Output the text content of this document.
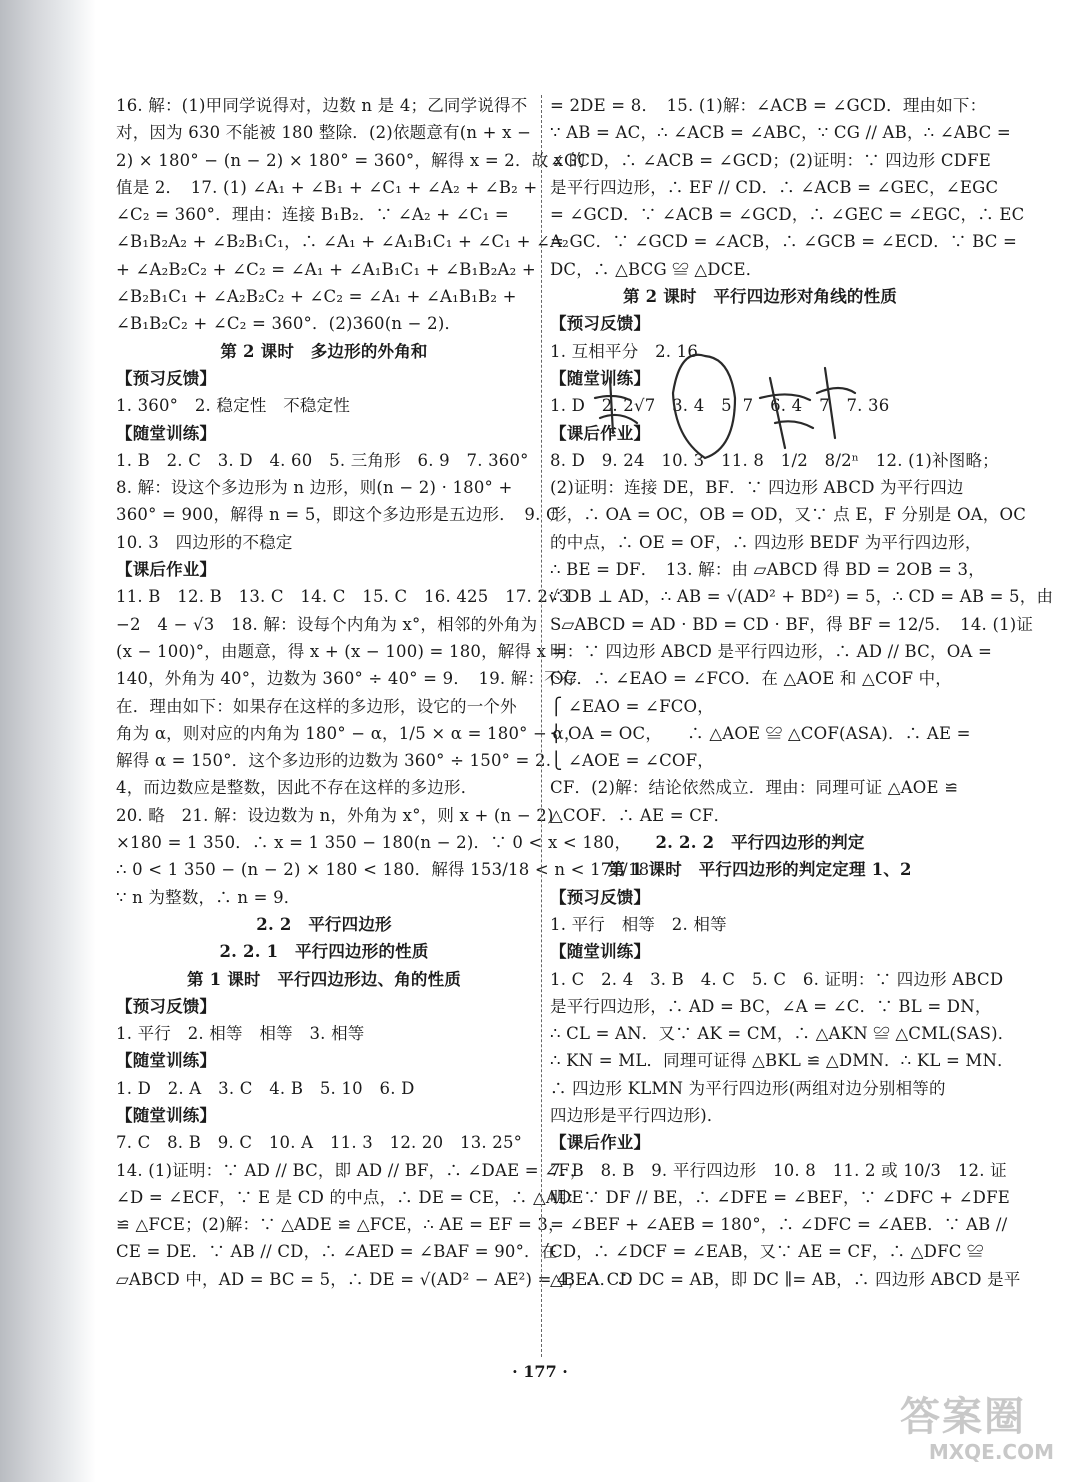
16. 解：(1)甲同学说得对，边数 n 是 4；乙同学说得不
对，因为 630 不能被 180 整除．(2)依题意有(n + x −
2) × 180° − (n − 2) × 180° = 360°，解得 x = 2．故 x 的
值是 2．　17. (1) ∠A₁ + ∠B₁ + ∠C₁ + ∠A₂ + ∠B₂ +
∠C₂ = 360°．理由：连接 B₁B₂．∵ ∠A₂ + ∠C₁ =
∠B₁B₂A₂ + ∠B₂B₁C₁，∴ ∠A₁ + ∠A₁B₁C₁ + ∠C₁ + ∠A₂
+ ∠A₂B₂C₂ + ∠C₂ = ∠A₁ + ∠A₁B₁C₁ + ∠B₁B₂A₂ +
∠B₂B₁C₁ + ∠A₂B₂C₂ + ∠C₂ = ∠A₁ + ∠A₁B₁B₂ +
∠B₁B₂C₂ + ∠C₂ = 360°．(2)360(n − 2)．
第 2 课时　多边形的外角和
【预习反馈】
1. 360°　2. 稳定性　不稳定性
【随堂训练】
1. B　2. C　3. D　4. 60　5. 三角形　6. 9　7. 360°
8. 解：设这个多边形为 n 边形，则(n − 2) · 180° +
360° = 900，解得 n = 5，即这个多边形是五边形．　9. C
10. 3　四边形的不稳定
【课后作业】
11. B　12. B　13. C　14. C　15. C　16. 425　17. 2√3
−2　4 − √3　18. 解：设每个内角为 x°，相邻的外角为
(x − 100)°，由题意，得 x + (x − 100) = 180，解得 x =
140，外角为 40°，边数为 360° ÷ 40° = 9．　19. 解：不存
在．理由如下：如果存在这样的多边形，设它的一个外
角为 α，则对应的内角为 180° − α，1/5 × α = 180° − α，
解得 α = 150°．这个多边形的边数为 360° ÷ 150° = 2.
4，而边数应是整数，因此不存在这样的多边形．
20. 略　21. 解：设边数为 n，外角为 x°，则 x + (n − 2)
×180 = 1 350．∴ x = 1 350 − 180(n − 2)．∵ 0 < x < 180，
∴ 0 < 1 350 − (n − 2) × 180 < 180．解得 153/18 < n < 171/18．
∵ n 为整数，∴ n = 9．
2. 2　平行四边形
2. 2. 1　平行四边形的性质
第 1 课时　平行四边形边、角的性质
【预习反馈】
1. 平行　2. 相等　相等　3. 相等
【随堂训练】
1. D　2. A　3. C　4. B　5. 10　6. D
【随堂训练】
7. C　8. B　9. C　10. A　11. 3　12. 20　13. 25°
14. (1)证明：∵ AD // BC，即 AD // BF，∴ ∠DAE = ∠F，
∠D = ∠ECF，∵ E 是 CD 的中点，∴ DE = CE，∴ △ADE
≌ △FCE；(2)解：∵ △ADE ≌ △FCE，∴ AE = EF = 3，
CE = DE．∵ AB // CD，∴ ∠AED = ∠BAF = 90°．在
▱ABCD 中，AD = BC = 5，∴ DE = √(AD² − AE²) = 4，∴ CD
= 2DE = 8．　15. (1)解：∠ACB = ∠GCD．理由如下：
∵ AB = AC，∴ ∠ACB = ∠ABC，∵ CG // AB，∴ ∠ABC =
∠GCD，∴ ∠ACB = ∠GCD；(2)证明：∵ 四边形 CDFE
是平行四边形，∴ EF // CD．∴ ∠ACB = ∠GEC，∠EGC
= ∠GCD．∵ ∠ACB = ∠GCD，∴ ∠GEC = ∠EGC，∴ EC
= GC．∵ ∠GCD = ∠ACB，∴ ∠GCB = ∠ECD．∵ BC =
DC，∴ △BCG ≌ △DCE．
第 2 课时　平行四边形对角线的性质
【预习反馈】
1. 互相平分　2. 16
【随堂训练】
1. D　2. 2√7　3. 4　5. 7　6. 4　7　7. 36
【课后作业】
8. D　9. 24　10. 3　11. 8　1/2　8/2ⁿ　12. (1)补图略；
(2)证明：连接 DE，BF．∵ 四边形 ABCD 为平行四边
形，∴ OA = OC，OB = OD，又∵ 点 E，F 分别是 OA，OC
的中点，∴ OE = OF，∴ 四边形 BEDF 为平行四边形，
∴ BE = DF．　13. 解：由 ▱ABCD 得 BD = 2OB = 3，
∵ DB ⊥ AD，∴ AB = √(AD² + BD²) = 5，∴ CD = AB = 5，由
S▱ABCD = AD · BD = CD · BF，得 BF = 12/5．　14. (1)证
明：∵ 四边形 ABCD 是平行四边形，∴ AD // BC，OA =
OC．∴ ∠EAO = ∠FCO．在 △AOE 和 △COF 中，
⎧ ∠EAO = ∠FCO，
⎨ OA = OC，　　∴ △AOE ≌ △COF(ASA)．∴ AE =
⎩ ∠AOE = ∠COF，
CF．(2)解：结论依然成立．理由：同理可证 △AOE ≌
△COF．∴ AE = CF．
2. 2. 2　平行四边形的判定
第 1 课时　平行四边形的判定定理 1、2
【预习反馈】
1. 平行　相等　2. 相等
【随堂训练】
1. C　2. 4　3. B　4. C　5. C　6. 证明：∵ 四边形 ABCD
是平行四边形，∴ AD = BC，∠A = ∠C．∵ BL = DN，
∴ CL = AN．又∵ AK = CM，∴ △AKN ≌ △CML(SAS)．
∴ KN = ML．同理可证得 △BKL ≌ △DMN．∴ KL = MN．
∴ 四边形 KLMN 为平行四边形(两组对边分别相等的
四边形是平行四边形)．
【课后作业】
7. B　8. B　9. 平行四边形　10. 8　11. 2 或 10/3　12. 证
明：∵ DF // BE，∴ ∠DFE = ∠BEF，∵ ∠DFC + ∠DFE
= ∠BEF + ∠AEB = 180°，∴ ∠DFC = ∠AEB．∵ AB //
CD，∴ ∠DCF = ∠EAB，又∵ AE = CF，∴ △DFC ≌
△BEA．∴ DC = AB，即 DC ∥= AB，∴ 四边形 ABCD 是平
· 177 ·
答案圈
MXQE.COM
